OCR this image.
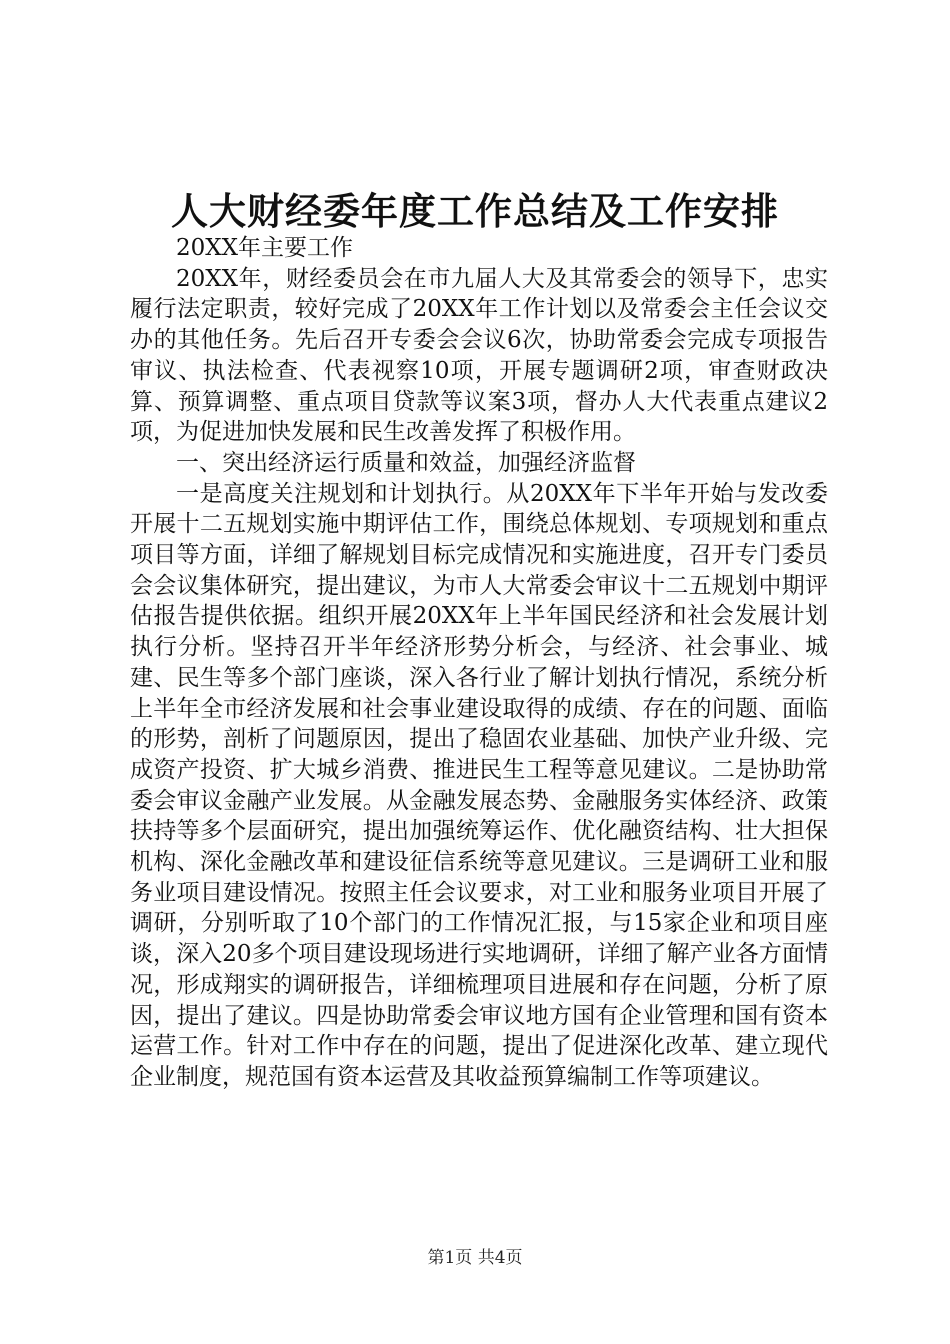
人大财经委年度工作总结及工作安排

20XX年主要工作

20XX年，财经委员会在市九届人大及其常委会的领导下，忠实履行法定职责，较好完成了20XX年工作计划以及常委会主任会议交办的其他任务。先后召开专委会会议6次，协助常委会完成专项报告审议、执法检查、代表视察10项，开展专题调研2项，审查财政决算、预算调整、重点项目贷款等议案3项，督办人大代表重点建议2项，为促进加快发展和民生改善发挥了积极作用。

一、突出经济运行质量和效益，加强经济监督

一是高度关注规划和计划执行。从20XX年下半年开始与发改委开展十二五规划实施中期评估工作，围绕总体规划、专项规划和重点项目等方面，详细了解规划目标完成情况和实施进度，召开专门委员会会议集体研究，提出建议，为市人大常委会审议十二五规划中期评估报告提供依据。组织开展20XX年上半年国民经济和社会发展计划执行分析。坚持召开半年经济形势分析会，与经济、社会事业、城建、民生等多个部门座谈，深入各行业了解计划执行情况，系统分析上半年全市经济发展和社会事业建设取得的成绩、存在的问题、面临的形势，剖析了问题原因，提出了稳固农业基础、加快产业升级、完成资产投资、扩大城乡消费、推进民生工程等意见建议。二是协助常委会审议金融产业发展。从金融发展态势、金融服务实体经济、政策扶持等多个层面研究，提出加强统筹运作、优化融资结构、壮大担保机构、深化金融改革和建设征信系统等意见建议。三是调研工业和服务业项目建设情况。按照主任会议要求，对工业和服务业项目开展了调研，分别听取了10个部门的工作情况汇报，与15家企业和项目座谈，深入20多个项目建设现场进行实地调研，详细了解产业各方面情况，形成翔实的调研报告，详细梳理项目进展和存在问题，分析了原因，提出了建议。四是协助常委会审议地方国有企业管理和国有资本运营工作。针对工作中存在的问题，提出了促进深化改革、建立现代企业制度，规范国有资本运营及其收益预算编制工作等项建议。

第1页 共4页
